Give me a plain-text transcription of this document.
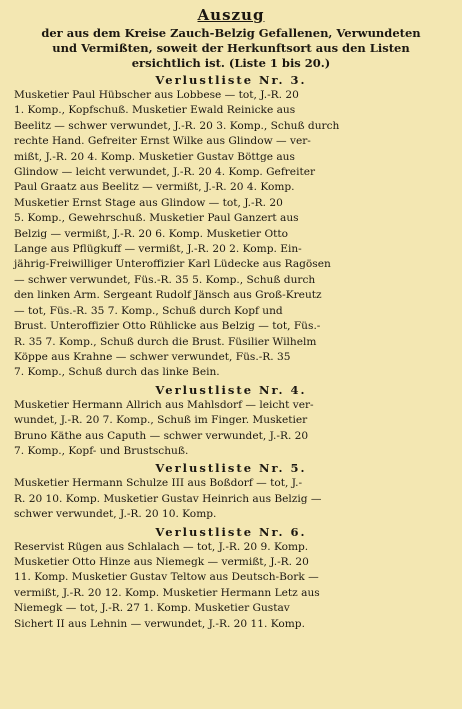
Auszug
der aus dem Kreise Zauch-Belzig Gefallenen, Verwundeten
und Vermißten, soweit der Herkunftsort aus den Listen
ersichtlich ist. (Liste 1 bis 20.)
Verlustliste Nr. 3.
Musketier Paul Hübscher aus Lobbese — tot, J.-R. 20
1. Komp., Kopfschuß. Musketier Ewald Reinicke aus
Beelitz — schwer verwundet, J.-R. 20 3. Komp., Schuß durch
rechte Hand. Gefreiter Ernst Wilke aus Glindow — ver-
mißt, J.-R. 20 4. Komp. Musketier Gustav Böttge aus
Glindow — leicht verwundet, J.-R. 20 4. Komp. Gefreiter
Paul Graatz aus Beelitz — vermißt, J.-R. 20 4. Komp.
Musketier Ernst Stage aus Glindow — tot, J.-R. 20
5. Komp., Gewehrschuß. Musketier Paul Ganzert aus
Belzig — vermißt, J.-R. 20 6. Komp. Musketier Otto
Lange aus Pflügkuff — vermißt, J.-R. 20 2. Komp. Ein-
jährig-Freiwilliger Unteroffizier Karl Lüdecke aus Ragösen
— schwer verwundet, Füs.-R. 35 5. Komp., Schuß durch
den linken Arm. Sergeant Rudolf Jänsch aus Groß-Kreutz
— tot, Füs.-R. 35 7. Komp., Schuß durch Kopf und
Brust. Unteroffizier Otto Rühlicke aus Belzig — tot, Füs.-
R. 35 7. Komp., Schuß durch die Brust. Füsilier Wilhelm
Köppe aus Krahne — schwer verwundet, Füs.-R. 35
7. Komp., Schuß durch das linke Bein.
Verlustliste Nr. 4.
Musketier Hermann Allrich aus Mahlsdorf — leicht ver-
wundet, J.-R. 20 7. Komp., Schuß im Finger. Musketier
Bruno Käthe aus Caputh — schwer verwundet, J.-R. 20
7. Komp., Kopf- und Brustschuß.
Verlustliste Nr. 5.
Musketier Hermann Schulze III aus Boßdorf — tot, J.-
R. 20 10. Komp. Musketier Gustav Heinrich aus Belzig —
schwer verwundet, J.-R. 20 10. Komp.
Verlustliste Nr. 6.
Reservist Rügen aus Schlalach — tot, J.-R. 20 9. Komp.
Musketier Otto Hinze aus Niemegk — vermißt, J.-R. 20
11. Komp. Musketier Gustav Teltow aus Deutsch-Bork —
vermißt, J.-R. 20 12. Komp. Musketier Hermann Letz aus
Niemegk — tot, J.-R. 27 1. Komp. Musketier Gustav
Sichert II aus Lehnin — verwundet, J.-R. 20 11. Komp.
